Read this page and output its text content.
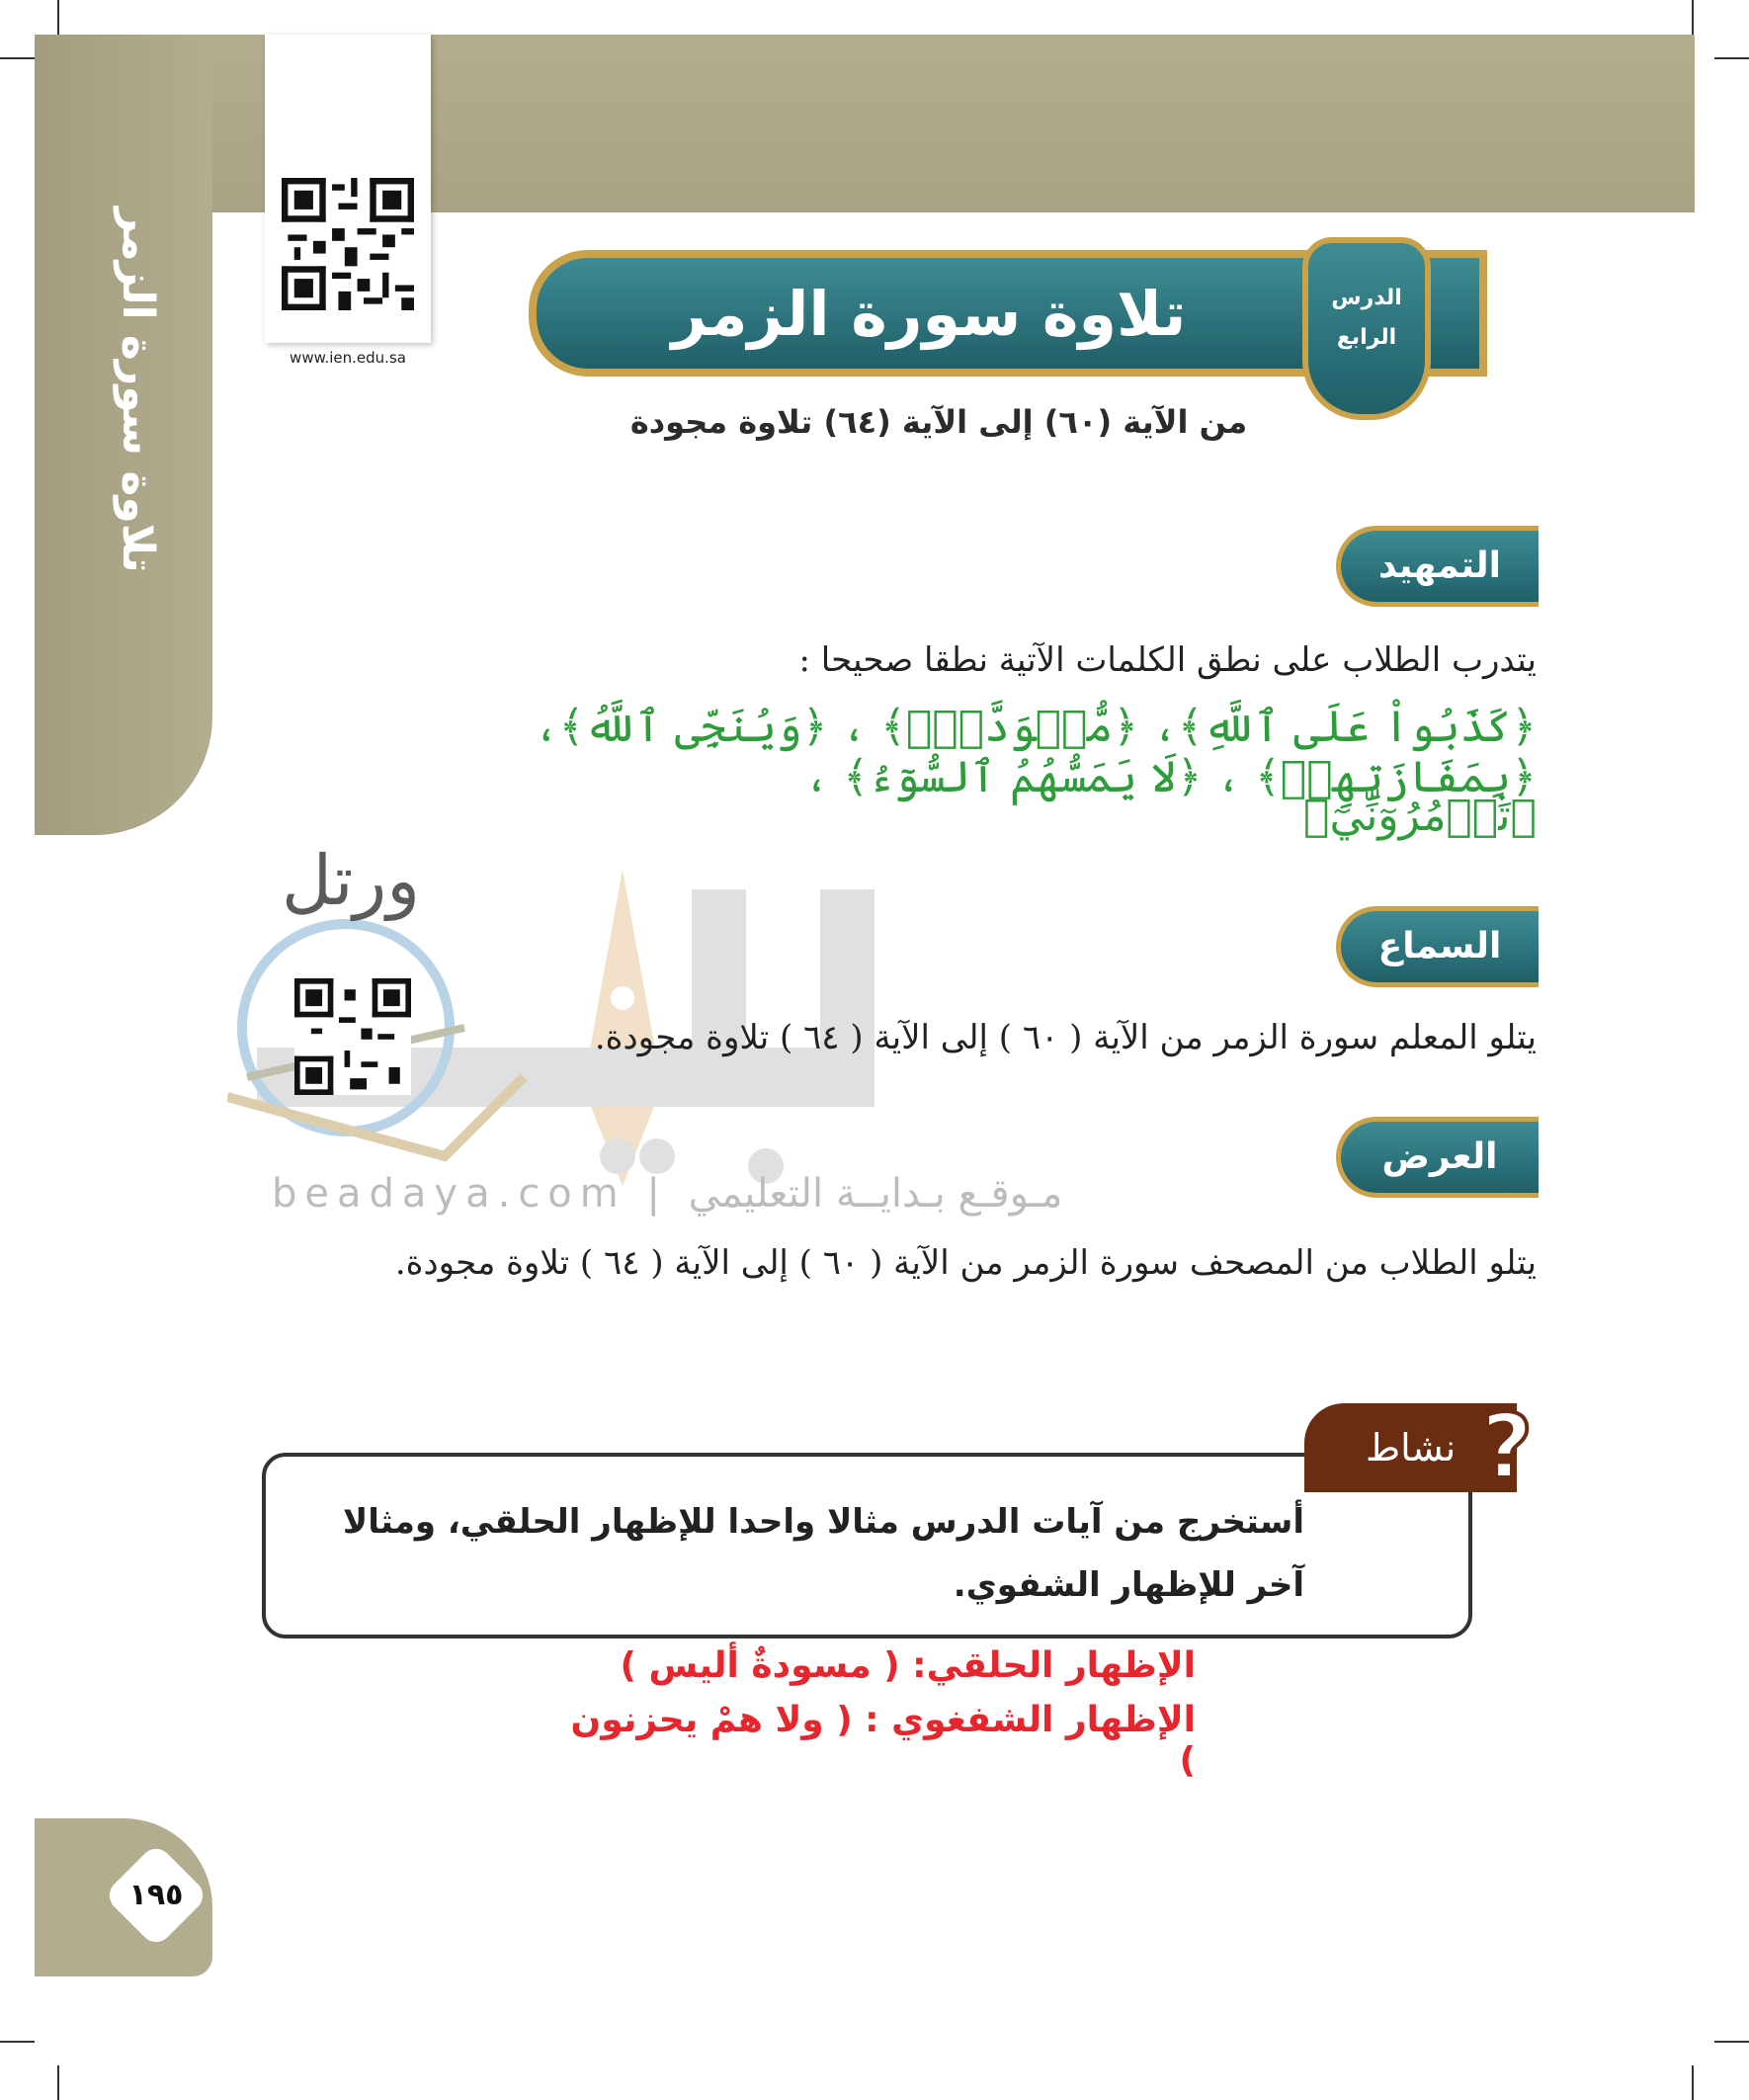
تلاوة سورة الزمر	www.ien.edu.sa
تلاوة سورة الزمر	الدرس
الرابع
من الآية (٦٠) إلى الآية (٦٤) تلاوة مجودة
التمهيد
يتدرب الطلاب على نطق الكلمات الآتية نطقا صحيحا :
﴿كَذَبُواْ عَلَى ٱللَّهِ﴾، ﴿مُّسۡوَدَّةٌۚ﴾ ، ﴿وَيُنَجِّى ٱللَّهُ﴾، ﴿بِمَفَازَتِهِمۡ﴾ ، ﴿لَا يَمَسُّهُمُ ٱلسُّوٓءُ﴾ ،
﴿تَأۡمُرُوٓنِّيٓ﴾
ورتل
beadaya.com | مـوقـع بـدايــة التعليمي
السماع
يتلو المعلم سورة الزمر من الآية ( ٦٠ ) إلى الآية ( ٦٤ ) تلاوة مجودة.
العرض
يتلو الطلاب من المصحف سورة الزمر من الآية ( ٦٠ ) إلى الآية ( ٦٤ ) تلاوة مجودة.
نشاط ?
أستخرج من آيات الدرس مثالا واحدا للإظهار الحلقي، ومثالا آخر للإظهار الشفوي.
الإظهار الحلقي: ( مسودةٌ أليس )
الإظهار الشفغوي : ( ولا همْ يحزنون )
١٩٥
